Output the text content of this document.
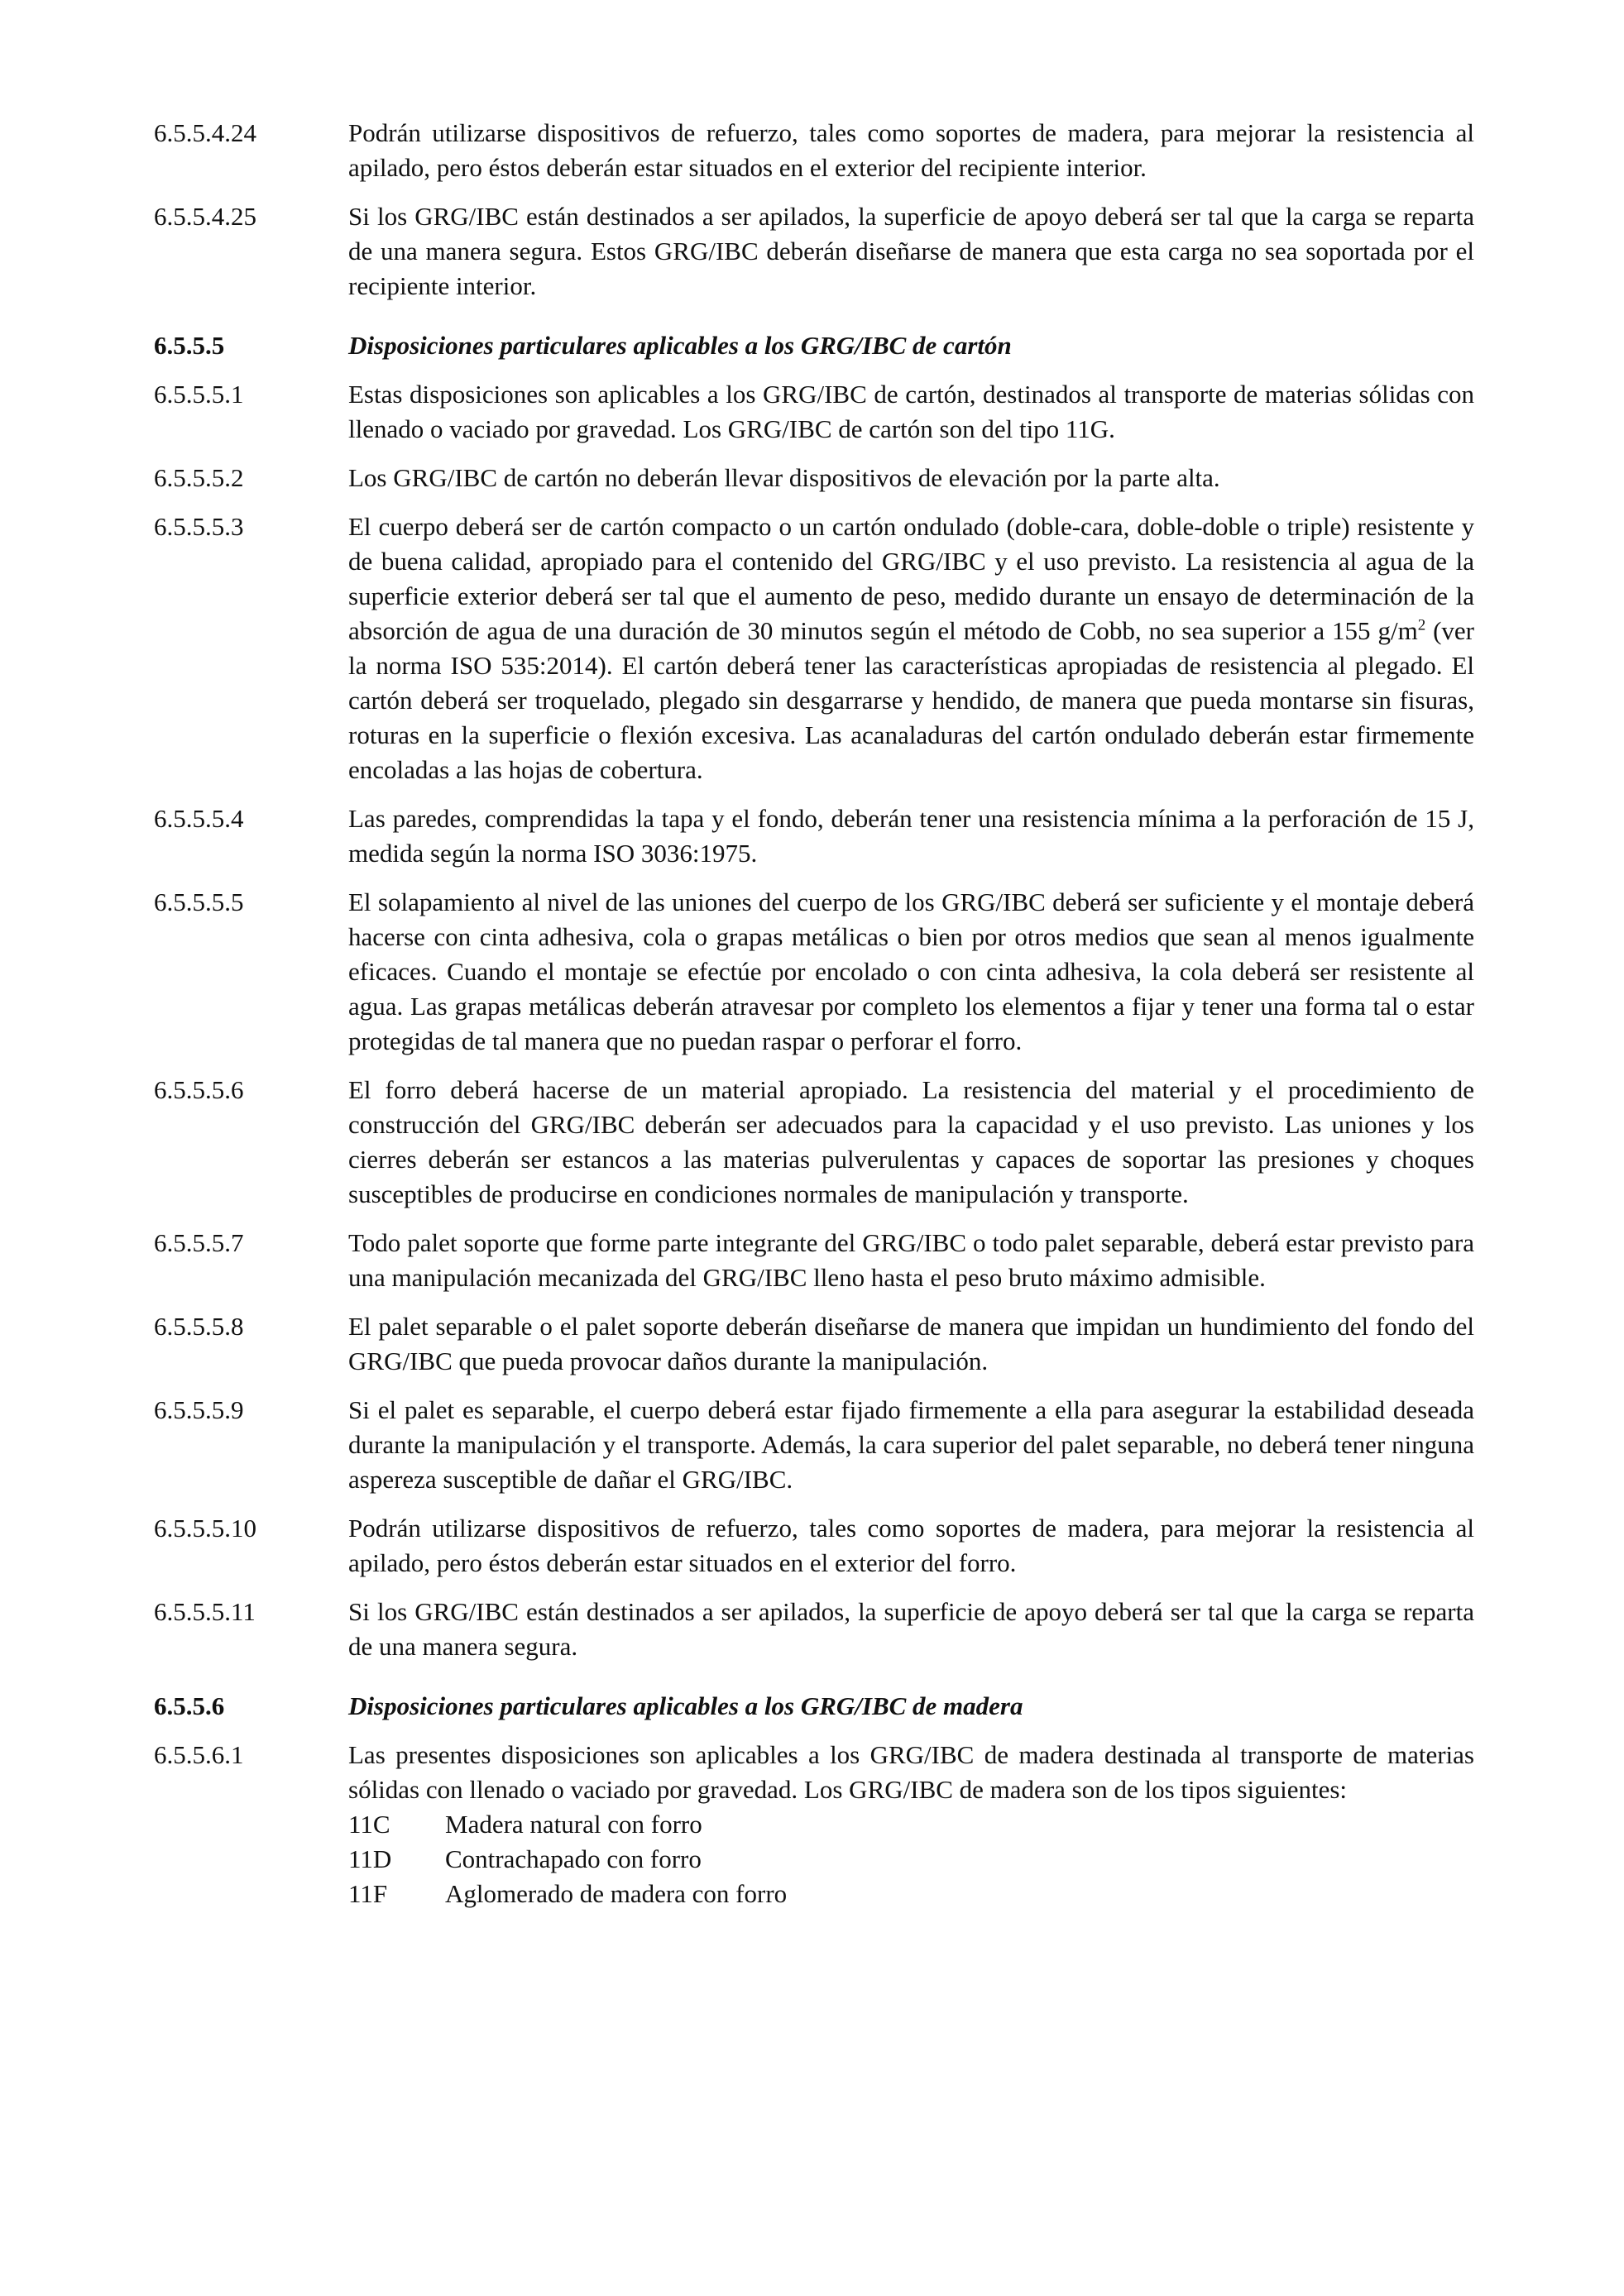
6.5.5.4.24	Podrán utilizarse dispositivos de refuerzo, tales como soportes de madera, para mejorar la resistencia al apilado, pero éstos deberán estar situados en el exterior del recipiente interior.
6.5.5.4.25	Si los GRG/IBC están destinados a ser apilados, la superficie de apoyo deberá ser tal que la carga se reparta de una manera segura. Estos GRG/IBC deberán diseñarse de manera que esta carga no sea soportada por el recipiente interior.
6.5.5.5	Disposiciones particulares aplicables a los GRG/IBC de cartón
6.5.5.5.1	Estas disposiciones son aplicables a los GRG/IBC de cartón, destinados al transporte de materias sólidas con llenado o vaciado por gravedad. Los GRG/IBC de cartón son del tipo 11G.
6.5.5.5.2	Los GRG/IBC de cartón no deberán llevar dispositivos de elevación por la parte alta.
6.5.5.5.3	El cuerpo deberá ser de cartón compacto o un cartón ondulado (doble-cara, doble-doble o triple) resistente y de buena calidad, apropiado para el contenido del GRG/IBC y el uso previsto. La resistencia al agua de la superficie exterior deberá ser tal que el aumento de peso, medido durante un ensayo de determinación de la absorción de agua de una duración de 30 minutos según el método de Cobb, no sea superior a 155 $g/m^2$ (ver la norma ISO 535:2014). El cartón deberá tener las características apropiadas de resistencia al plegado. El cartón deberá ser troquelado, plegado sin desgarrarse y hendido, de manera que pueda montarse sin fisuras, roturas en la superficie o flexión excesiva. Las acanaladuras del cartón ondulado deberán estar firmemente encoladas a las hojas de cobertura.
6.5.5.5.4	Las paredes, comprendidas la tapa y el fondo, deberán tener una resistencia mínima a la perforación de 15 J, medida según la norma ISO 3036:1975.
6.5.5.5.5	El solapamiento al nivel de las uniones del cuerpo de los GRG/IBC deberá ser suficiente y el montaje deberá hacerse con cinta adhesiva, cola o grapas metálicas o bien por otros medios que sean al menos igualmente eficaces. Cuando el montaje se efectúe por encolado o con cinta adhesiva, la cola deberá ser resistente al agua. Las grapas metálicas deberán atravesar por completo los elementos a fijar y tener una forma tal o estar protegidas de tal manera que no puedan raspar o perforar el forro.
6.5.5.5.6	El forro deberá hacerse de un material apropiado. La resistencia del material y el procedimiento de construcción del GRG/IBC deberán ser adecuados para la capacidad y el uso previsto. Las uniones y los cierres deberán ser estancos a las materias pulverulentas y capaces de soportar las presiones y choques susceptibles de producirse en condiciones normales de manipulación y transporte.
6.5.5.5.7	Todo palet soporte que forme parte integrante del GRG/IBC o todo palet separable, deberá estar previsto para una manipulación mecanizada del GRG/IBC lleno hasta el peso bruto máximo admisible.
6.5.5.5.8	El palet separable o el palet soporte deberán diseñarse de manera que impidan un hundimiento del fondo del GRG/IBC que pueda provocar daños durante la manipulación.
6.5.5.5.9	Si el palet es separable, el cuerpo deberá estar fijado firmemente a ella para asegurar la estabilidad deseada durante la manipulación y el transporte. Además, la cara superior del palet separable, no deberá tener ninguna aspereza susceptible de dañar el GRG/IBC.
6.5.5.5.10	Podrán utilizarse dispositivos de refuerzo, tales como soportes de madera, para mejorar la resistencia al apilado, pero éstos deberán estar situados en el exterior del forro.
6.5.5.5.11	Si los GRG/IBC están destinados a ser apilados, la superficie de apoyo deberá ser tal que la carga se reparta de una manera segura.
6.5.5.6	Disposiciones particulares aplicables a los GRG/IBC de madera
6.5.5.6.1	Las presentes disposiciones son aplicables a los GRG/IBC de madera destinada al transporte de materias sólidas con llenado o vaciado por gravedad. Los GRG/IBC de madera son de los tipos siguientes:
11C	Madera natural con forro
11D	Contrachapado con forro
11F	Aglomerado de madera con forro
